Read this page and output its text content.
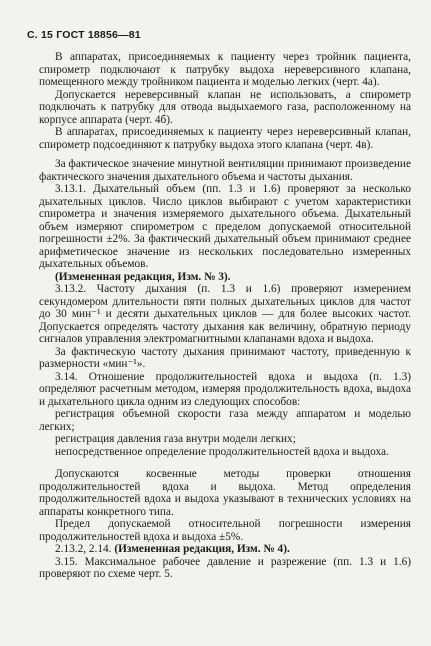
С. 15 ГОСТ 18856—81

В аппаратах, присоединяемых к пациенту через тройник пациента, спирометр подключают к патрубку выдоха нереверсивного клапана, помещенного между тройником пациента и моделью легких (черт. 4а).

Допускается нереверсивный клапан не использовать, а спирометр подключать к патрубку для отвода выдыхаемого газа, расположенному на корпусе аппарата (черт. 4б).

В аппаратах, присоединяемых к пациенту через нереверсивный клапан, спирометр подсоединяют к патрубку выдоха этого клапана (черт. 4в).

За фактическое значение минутной вентиляции принимают произведение фактического значения дыхательного объема и частоты дыхания.

3.13.1. Дыхательный объем (пп. 1.3 и 1.6) проверяют за несколько дыхательных циклов. Число циклов выбирают с учетом характеристики спирометра и значения измеряемого дыхательного объема. Дыхательный объем измеряют спирометром с пределом допускаемой относительной погрешности ±2%. За фактический дыхательный объем принимают среднее арифметическое значение из нескольких последовательно измеренных дыхательных объемов.

(Измененная редакция, Изм. № 3).

3.13.2. Частоту дыхания (п. 1.3 и 1.6) проверяют измерением секундомером длительности пяти полных дыхательных циклов для частот до 30 мин⁻¹ и десяти дыхательных циклов — для более высоких частот. Допускается определять частоту дыхания как величину, обратную периоду сигналов управления электромагнитными клапанами вдоха и выдоха.

За фактическую частоту дыхания принимают частоту, приведенную к размерности «мин⁻¹».

3.14. Отношение продолжительностей вдоха и выдоха (п. 1.3) определяют расчетным методом, измеряя продолжительность вдоха, выдоха и дыхательного цикла одним из следующих способов:

регистрация объемной скорости газа между аппаратом и моделью легких;

регистрация давления газа внутри модели легких;

непосредственное определение продолжительностей вдоха и выдоха.

Допускаются косвенные методы проверки отношения продолжительностей вдоха и выдоха. Метод определения продолжительностей вдоха и выдоха указывают в технических условиях на аппараты конкретного типа.

Предел допускаемой относительной погрешности измерения продолжительностей вдоха и выдоха ±5%.

2.13.2, 2.14. (Измененная редакция, Изм. № 4).

3.15. Максимальное рабочее давление и разрежение (пп. 1.3 и 1.6) проверяют по схеме черт. 5.
